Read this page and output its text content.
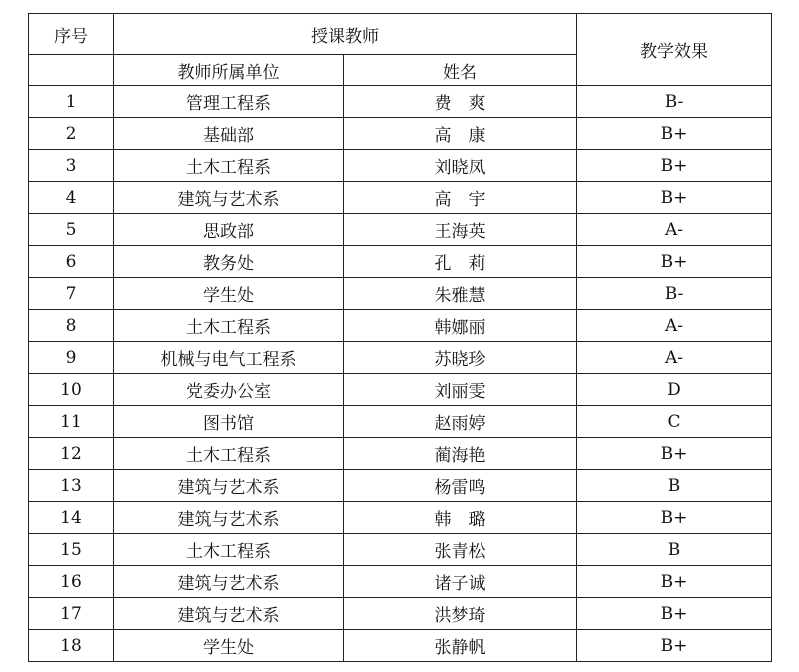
序号	授课教师		教学效果
	教师所属单位	姓名	
1	管理工程系	费　爽	B-
2	基础部	高　康	B+
3	土木工程系	刘晓凤	B+
4	建筑与艺术系	高　宇	B+
5	思政部	王海英	A-
6	教务处	孔　莉	B+
7	学生处	朱雅慧	B-
8	土木工程系	韩娜丽	A-
9	机械与电气工程系	苏晓珍	A-
10	党委办公室	刘丽雯	D
11	图书馆	赵雨婷	C
12	土木工程系	蔺海艳	B+
13	建筑与艺术系	杨雷鸣	B
14	建筑与艺术系	韩　璐	B+
15	土木工程系	张青松	B
16	建筑与艺术系	诸子诚	B+
17	建筑与艺术系	洪梦琦	B+
18	学生处	张静帆	B+
